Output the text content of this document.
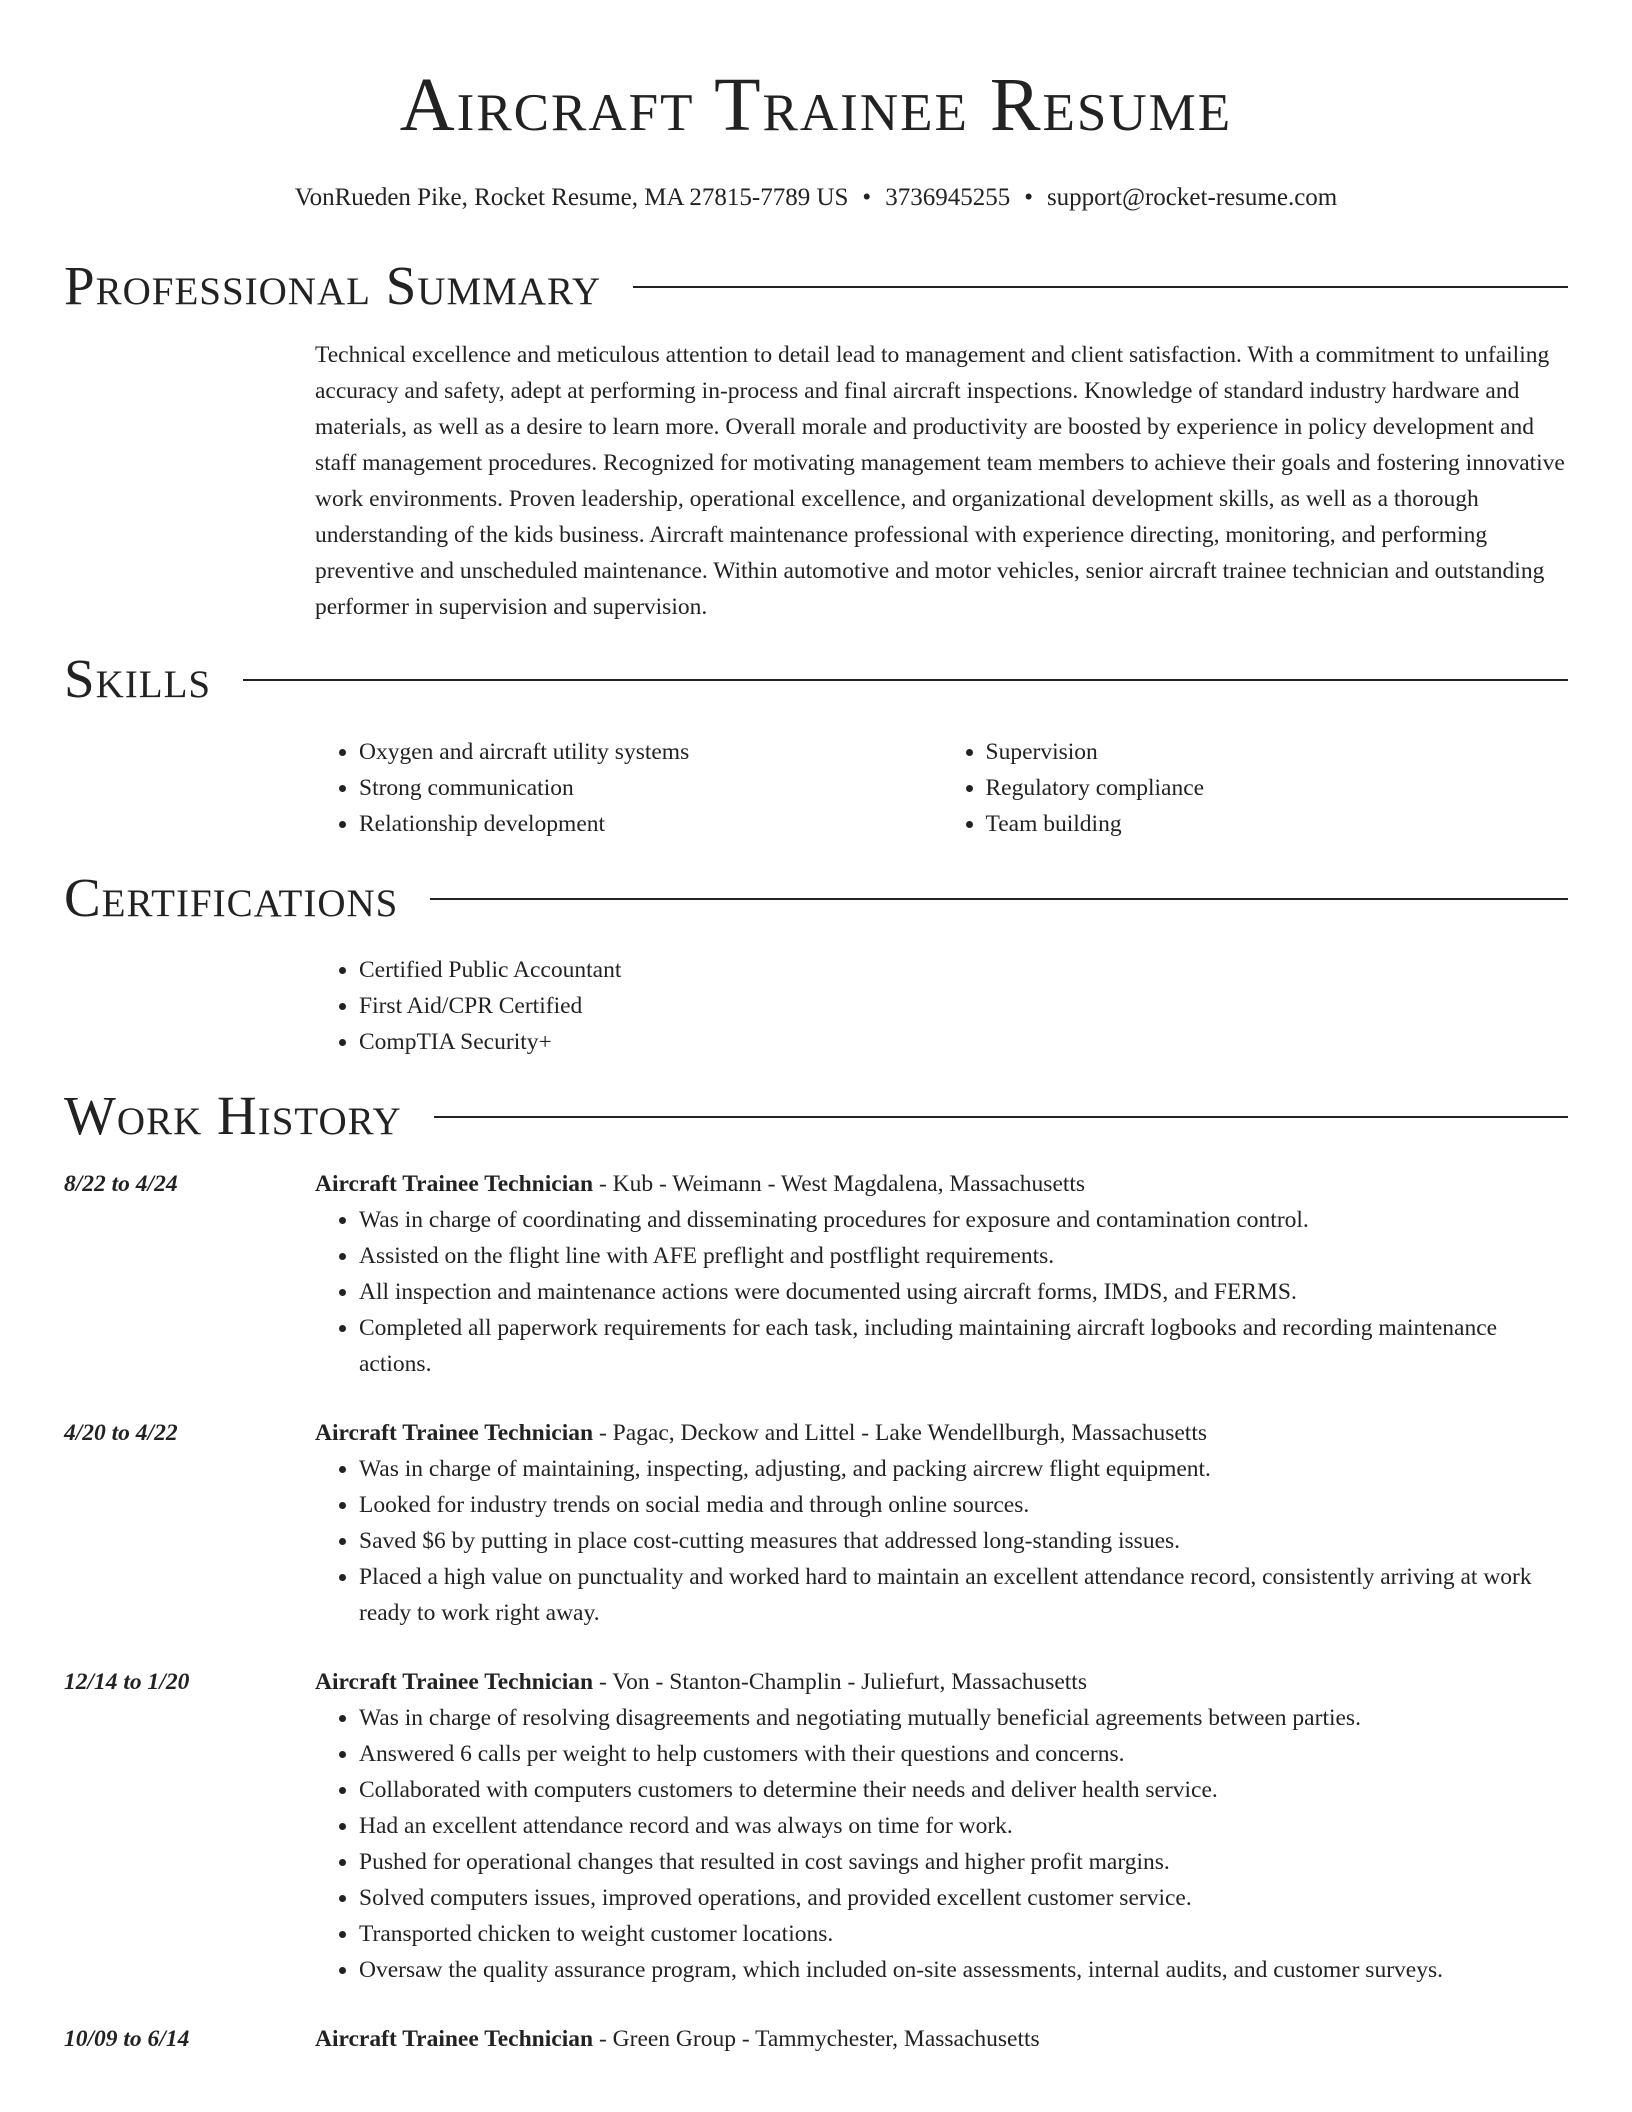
Aircraft Trainee Resume
VonRueden Pike, Rocket Resume, MA 27815-7789 US • 3736945255 • support@rocket-resume.com
Professional Summary

Technical excellence and meticulous attention to detail lead to management and client satisfaction. With a commitment to unfailing accuracy and safety, adept at performing in-process and final aircraft inspections. Knowledge of standard industry hardware and materials, as well as a desire to learn more. Overall morale and productivity are boosted by experience in policy development and staff management procedures. Recognized for motivating management team members to achieve their goals and fostering innovative work environments. Proven leadership, operational excellence, and organizational development skills, as well as a thorough understanding of the kids business. Aircraft maintenance professional with experience directing, monitoring, and performing preventive and unscheduled maintenance. Within automotive and motor vehicles, senior aircraft trainee technician and outstanding performer in supervision and supervision.

Skills
• Oxygen and aircraft utility systems
• Strong communication
• Relationship development
• Supervision
• Regulatory compliance
• Team building
Certifications
• Certified Public Accountant
• First Aid/CPR Certified
• CompTIA Security+
Work History
8/22 to 4/24	Aircraft Trainee Technician - Kub - Weimann - West Magdalena, Massachusetts

• Was in charge of coordinating and disseminating procedures for exposure and contamination control.
• Assisted on the flight line with AFE preflight and postflight requirements.
• All inspection and maintenance actions were documented using aircraft forms, IMDS, and FERMS.
• Completed all paperwork requirements for each task, including maintaining aircraft logbooks and recording maintenance actions.
4/20 to 4/22	Aircraft Trainee Technician - Pagac, Deckow and Littel - Lake Wendellburgh, Massachusetts

• Was in charge of maintaining, inspecting, adjusting, and packing aircrew flight equipment.
• Looked for industry trends on social media and through online sources.
• Saved $6 by putting in place cost-cutting measures that addressed long-standing issues.
• Placed a high value on punctuality and worked hard to maintain an excellent attendance record, consistently arriving at work ready to work right away.
12/14 to 1/20	Aircraft Trainee Technician - Von - Stanton-Champlin - Juliefurt, Massachusetts

• Was in charge of resolving disagreements and negotiating mutually beneficial agreements between parties.
• Answered 6 calls per weight to help customers with their questions and concerns.
• Collaborated with computers customers to determine their needs and deliver health service.
• Had an excellent attendance record and was always on time for work.
• Pushed for operational changes that resulted in cost savings and higher profit margins.
• Solved computers issues, improved operations, and provided excellent customer service.
• Transported chicken to weight customer locations.
• Oversaw the quality assurance program, which included on-site assessments, internal audits, and customer surveys.
10/09 to 6/14	Aircraft Trainee Technician - Green Group - Tammychester, Massachusetts
